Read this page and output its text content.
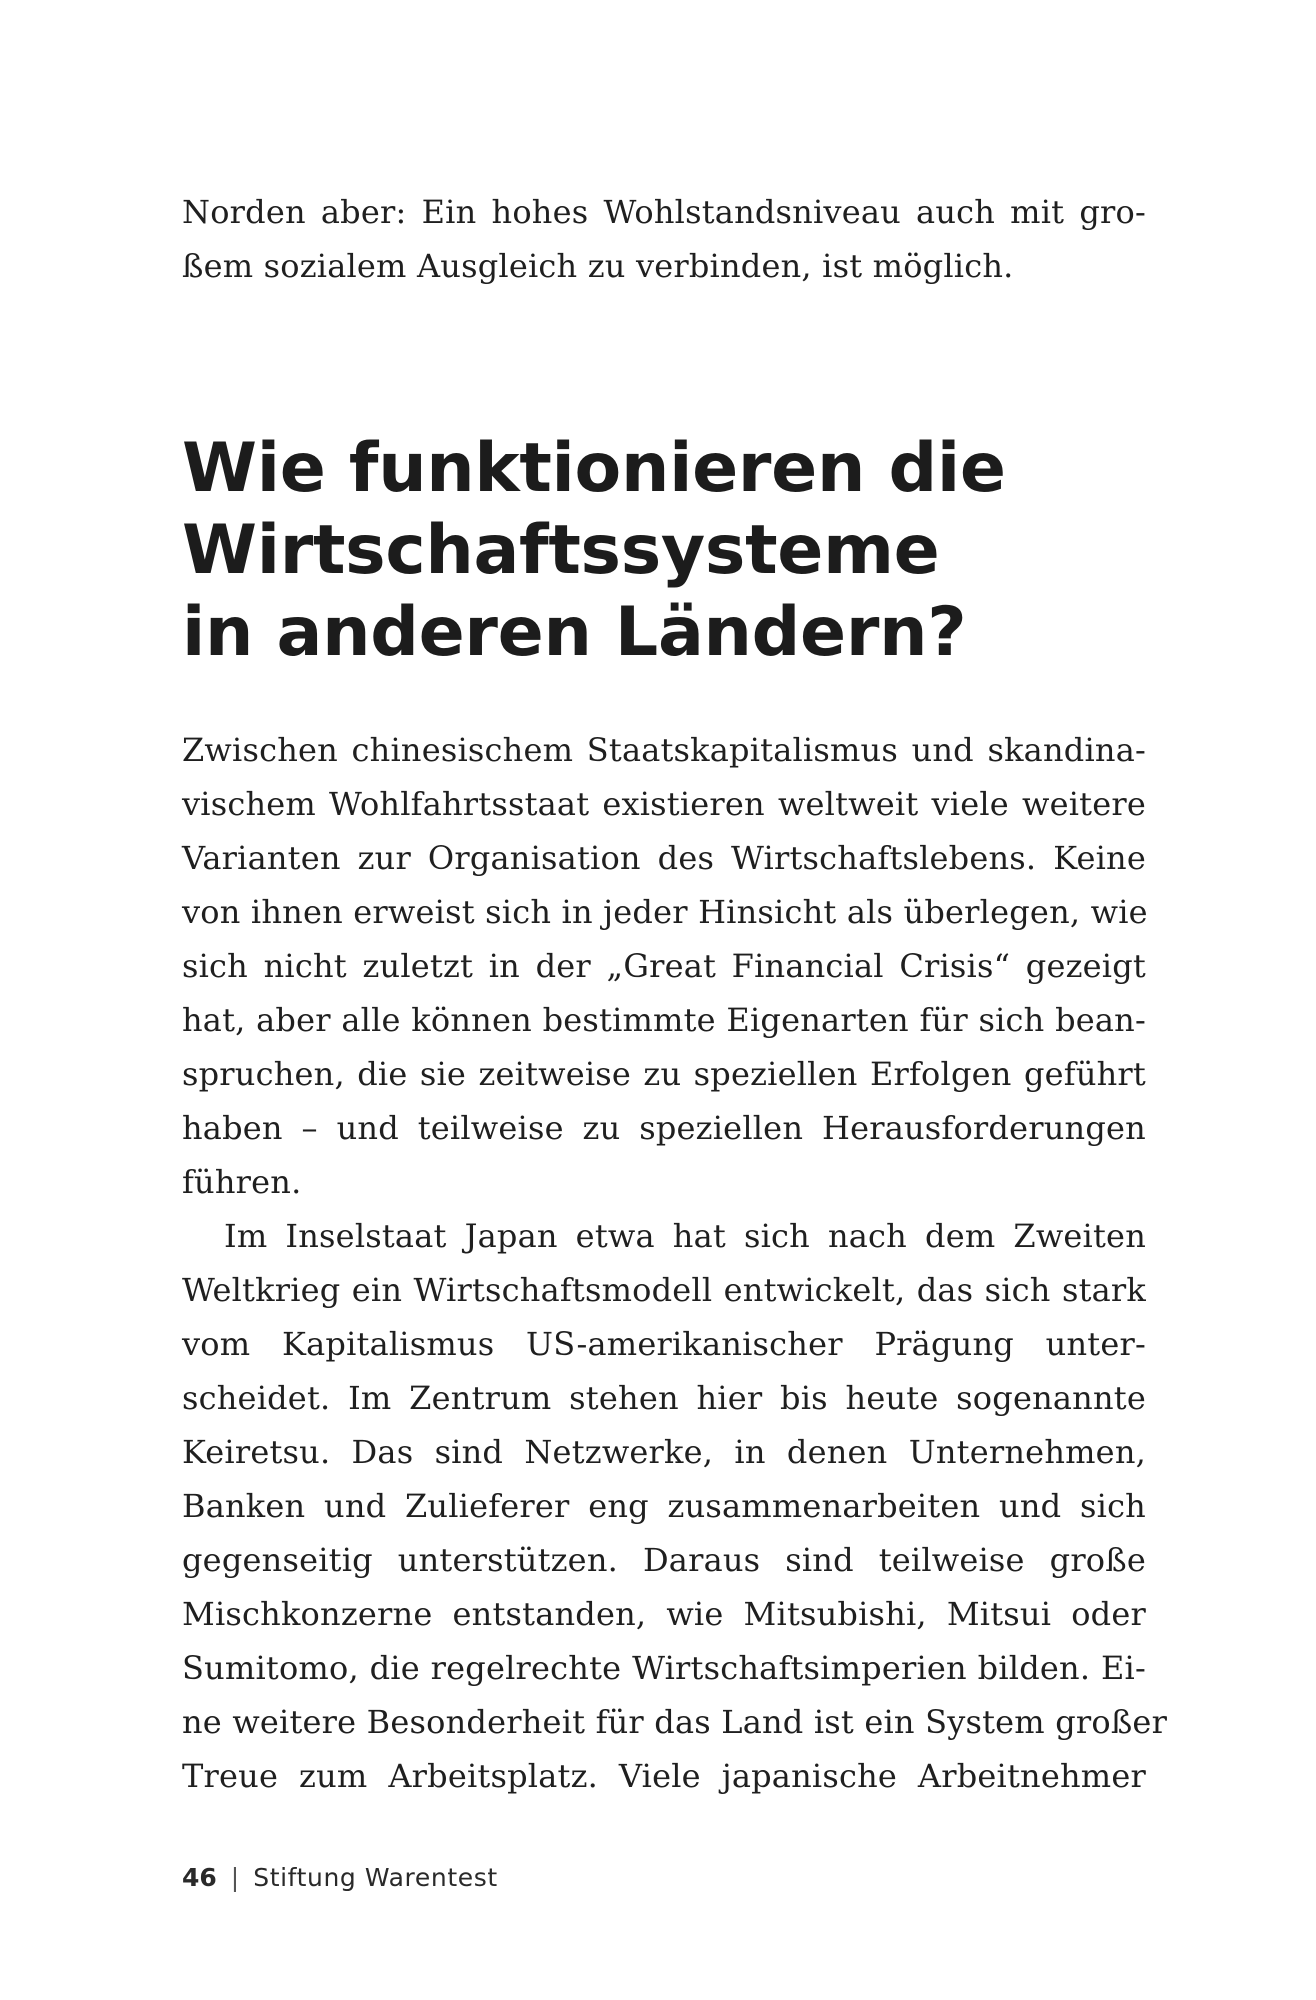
Norden aber: Ein hohes Wohlstandsniveau auch mit gro-
ßem sozialem Ausgleich zu verbinden, ist möglich.
Wie funktionieren die
Wirtschaftssysteme
in anderen Ländern?
Zwischen chinesischem Staatskapitalismus und skandina-
vischem Wohlfahrtsstaat existieren weltweit viele weitere
Varianten zur Organisation des Wirtschaftslebens. Keine
von ihnen erweist sich in jeder Hinsicht als überlegen, wie
sich nicht zuletzt in der „Great Financial Crisis“ gezeigt
hat, aber alle können bestimmte Eigenarten für sich bean-
spruchen, die sie zeitweise zu speziellen Erfolgen geführt
haben – und teilweise zu speziellen Herausforderungen
führen.
Im Inselstaat Japan etwa hat sich nach dem Zweiten
Weltkrieg ein Wirtschaftsmodell entwickelt, das sich stark
vom Kapitalismus US-amerikanischer Prägung unter-
scheidet. Im Zentrum stehen hier bis heute sogenannte
Keiretsu. Das sind Netzwerke, in denen Unternehmen,
Banken und Zulieferer eng zusammenarbeiten und sich
gegenseitig unterstützen. Daraus sind teilweise große
Mischkonzerne entstanden, wie Mitsubishi, Mitsui oder
Sumitomo, die regelrechte Wirtschaftsimperien bilden. Ei-
ne weitere Besonderheit für das Land ist ein System großer
Treue zum Arbeitsplatz. Viele japanische Arbeitnehmer
46 | Stiftung Warentest
